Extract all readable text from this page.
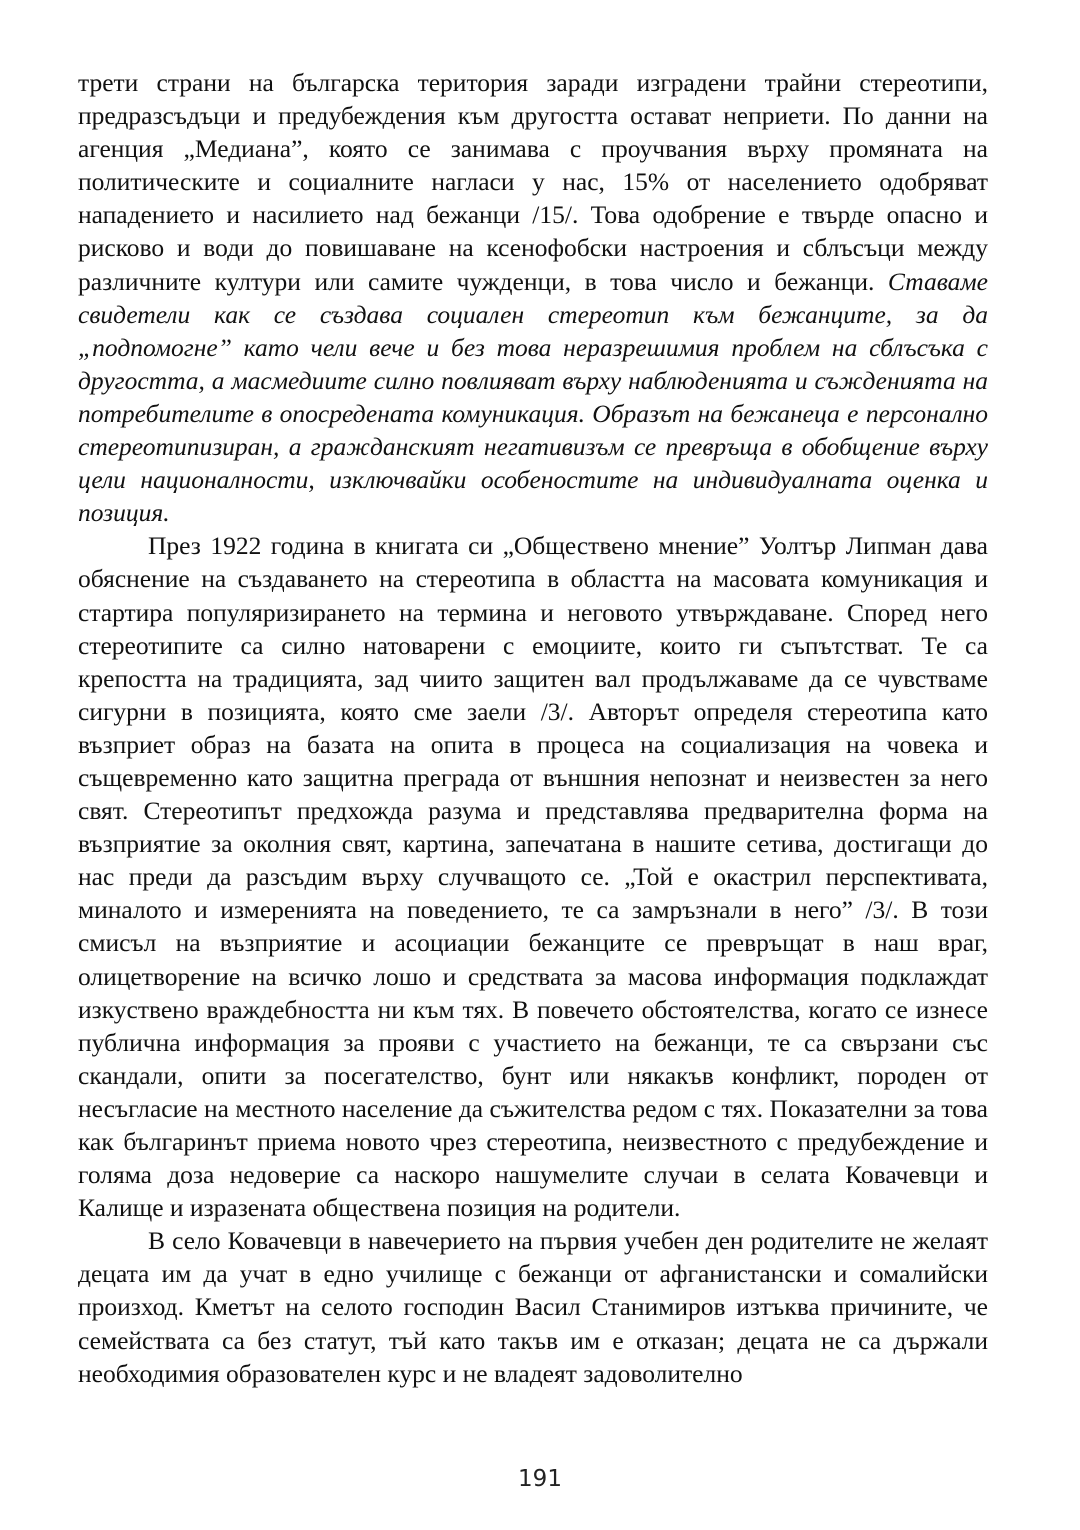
трети страни на българска територия заради изградени трайни стереотипи, предразсъдъци и предубеждения към другостта остават неприети. По данни на агенция „Медиана”, която се занимава с проучвания върху промяната на политическите и социалните нагласи у нас, 15% от населението одобряват нападението и насилието над бежанци /15/. Това одобрение е твърде опасно и рисково и води до повишаване на ксенофобски настроения и сблъсъци между различните култури или самите чужденци, в това число и бежанци. Ставаме свидетели как се създава социален стереотип към бежанците, за да „подпомогне” като чели вече и без това неразрешимия проблем на сблъсъка с другостта, а масмедиите силно повлияват върху наблюденията и съжденията на потребителите в опосредената комуникация. Образът на бежанеца е персонално стереотипизиран, а гражданският негативизъм се превръща в обобщение върху цели националности, изключвайки особеностите на индивидуалната оценка и позиция.

През 1922 година в книгата си „Обществено мнение” Уолтър Липман дава обяснение на създаването на стереотипа в областта на масовата комуникация и стартира популяризирането на термина и неговото утвърждаване. Според него стереотипите са силно натоварени с емоциите, които ги съпътстват. Те са крепостта на традицията, зад чиито защитен вал продължаваме да се чувстваме сигурни в позицията, която сме заели /3/. Авторът определя стереотипа като възприет образ на базата на опита в процеса на социализация на човека и същевременно като защитна преграда от външния непознат и неизвестен за него свят. Стереотипът предхожда разума и представлява предварителна форма на възприятие за околния свят, картина, запечатана в нашите сетива, достигащи до нас преди да разсъдим върху случващото се. „Той е окастрил перспективата, миналото и измеренията на поведението, те са замръзнали в него” /3/. В този смисъл на възприятие и асоциации бежанците се превръщат в наш враг, олицетворение на всичко лошо и средствата за масова информация подклаждат изкуствено враждебността ни към тях. В повечето обстоятелства, когато се изнесе публична информация за прояви с участието на бежанци, те са свързани със скандали, опити за посегателство, бунт или някакъв конфликт, породен от несъгласие на местното население да съжителства редом с тях. Показателни за това как българинът приема новото чрез стереотипа, неизвестното с предубеждение и голяма доза недоверие са наскоро нашумелите случаи в селата Ковачевци и Калище и изразената обществена позиция на родители.

В село Ковачевци в навечерието на първия учебен ден родителите не желаят децата им да учат в едно училище с бежанци от афганистански и сомалийски произход. Кметът на селото господин Васил Станимиров изтъква причините, че семействата са без статут, тъй като такъв им е отказан; децата не са държали необходимия образователен курс и не владеят задоволително

191
